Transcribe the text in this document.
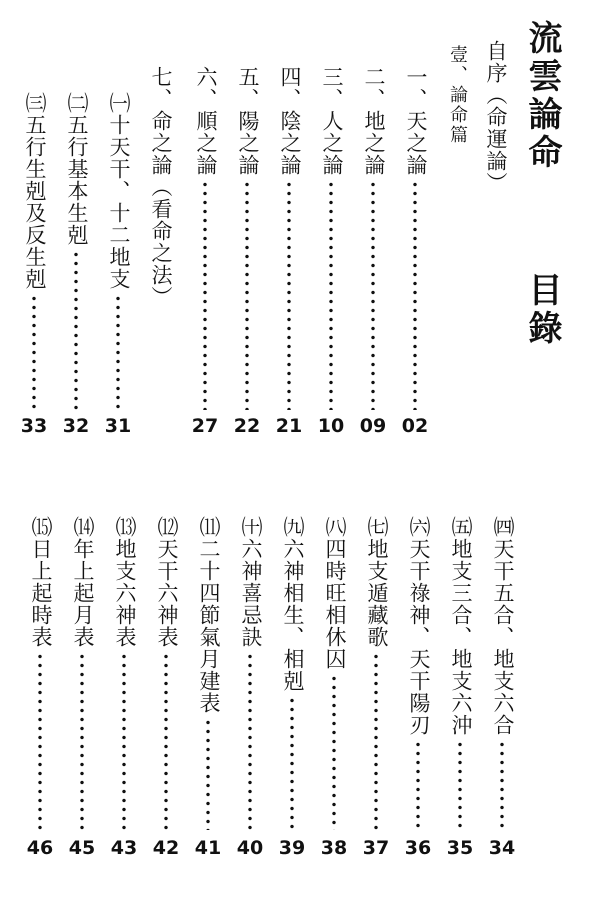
流雲論命
目錄
自序（命運論）
壹、論命篇
一、天之論
02
二、地之論
09
三、人之論
10
四、陰之論
21
五、陽之論
22
六、順之論
27
七、命之論（看命之法）
㈠十天干、十二地支
31
㈡五行基本生剋
32
㈢五行生剋及反生剋
33
㈣天干五合、地支六合
34
㈤地支三合、地支六沖
35
㈥天干祿神、天干陽刃
36
㈦地支遁藏歌
37
㈧四時旺相休囚
38
㈨六神相生、相剋
39
㈩六神喜忌訣
40
⑾二十四節氣月建表
41
⑿天干六神表
42
⒀地支六神表
43
⒁年上起月表
45
⒂日上起時表
46
